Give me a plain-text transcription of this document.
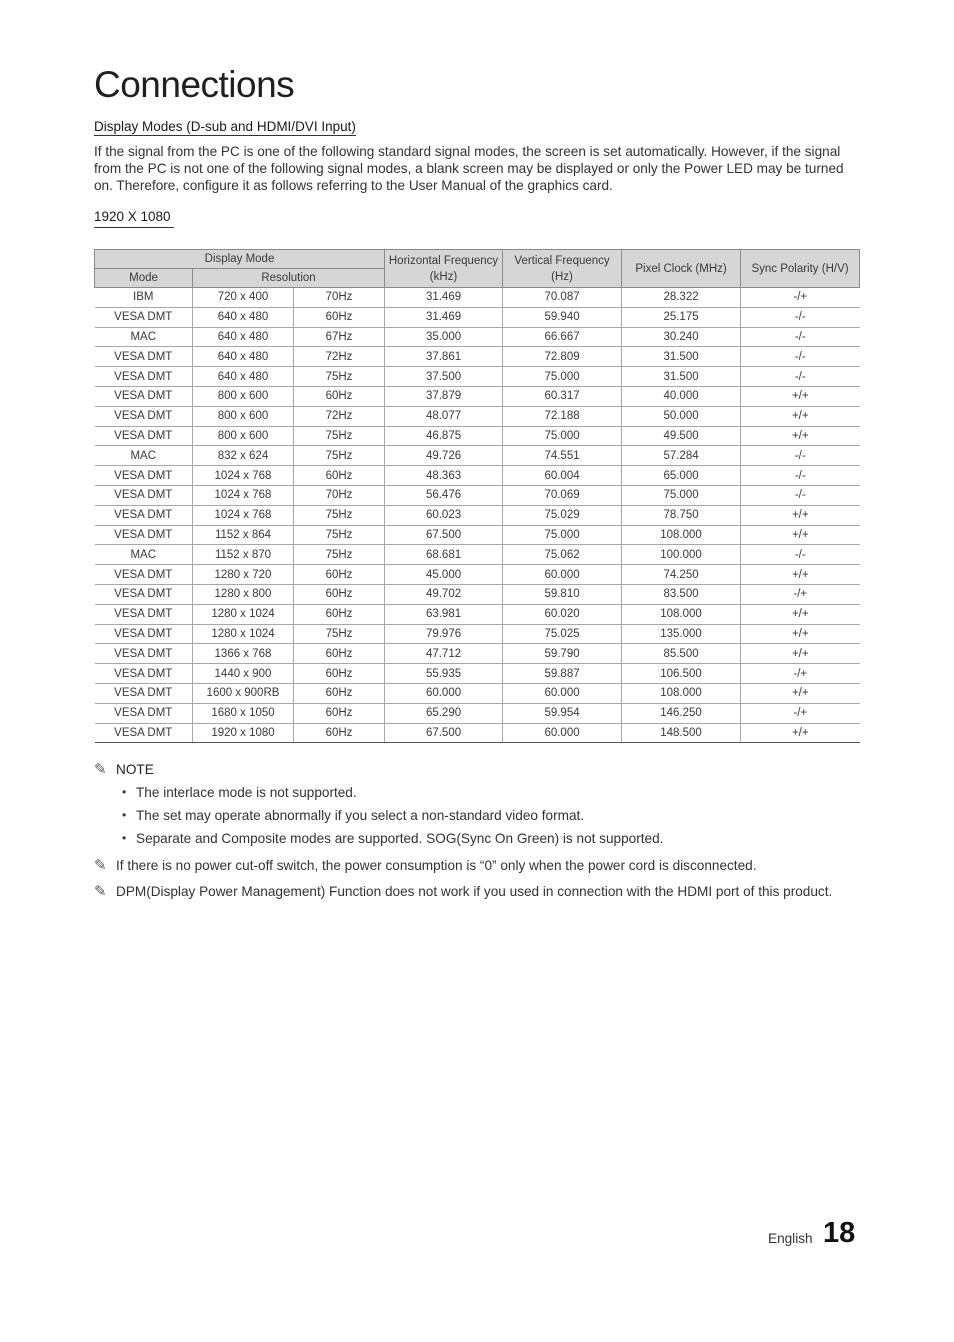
Connections
Display Modes (D-sub and HDMI/DVI Input)

If the signal from the PC is one of the following standard signal modes, the screen is set automatically. However, if the signal from the PC is not one of the following signal modes, a blank screen may be displayed or only the Power LED may be turned on. Therefore, configure it as follows referring to the User Manual of the graphics card.

1920 X 1080
Display Mode			Horizontal Frequency (kHz)	Vertical Frequency (Hz)	Pixel Clock (MHz)	Sync Polarity (H/V)
Mode	Resolution					
IBM	720 x 400	70Hz	31.469	70.087	28.322	-/+
VESA DMT	640 x 480	60Hz	31.469	59.940	25.175	-/-
MAC	640 x 480	67Hz	35.000	66.667	30.240	-/-
VESA DMT	640 x 480	72Hz	37.861	72.809	31.500	-/-
VESA DMT	640 x 480	75Hz	37.500	75.000	31.500	-/-
VESA DMT	800 x 600	60Hz	37.879	60.317	40.000	+/+
VESA DMT	800 x 600	72Hz	48.077	72.188	50.000	+/+
VESA DMT	800 x 600	75Hz	46.875	75.000	49.500	+/+
MAC	832 x 624	75Hz	49.726	74.551	57.284	-/-
VESA DMT	1024 x 768	60Hz	48.363	60.004	65.000	-/-
VESA DMT	1024 x 768	70Hz	56.476	70.069	75.000	-/-
VESA DMT	1024 x 768	75Hz	60.023	75.029	78.750	+/+
VESA DMT	1152 x 864	75Hz	67.500	75.000	108.000	+/+
MAC	1152 x 870	75Hz	68.681	75.062	100.000	-/-
VESA DMT	1280 x 720	60Hz	45.000	60.000	74.250	+/+
VESA DMT	1280 x 800	60Hz	49.702	59.810	83.500	-/+
VESA DMT	1280 x 1024	60Hz	63.981	60.020	108.000	+/+
VESA DMT	1280 x 1024	75Hz	79.976	75.025	135.000	+/+
VESA DMT	1366 x 768	60Hz	47.712	59.790	85.500	+/+
VESA DMT	1440 x 900	60Hz	55.935	59.887	106.500	-/+
VESA DMT	1600 x 900RB	60Hz	60.000	60.000	108.000	+/+
VESA DMT	1680 x 1050	60Hz	65.290	59.954	146.250	-/+
VESA DMT	1920 x 1080	60Hz	67.500	60.000	148.500	+/+
✎ NOTE
• The interlace mode is not supported.
• The set may operate abnormally if you select a non-standard video format.
• Separate and Composite modes are supported. SOG(Sync On Green) is not supported.
✎ If there is no power cut-off switch, the power consumption is “0” only when the power cord is disconnected.
✎ DPM(Display Power Management) Function does not work if you used in connection with the HDMI port of this product.
English 18
